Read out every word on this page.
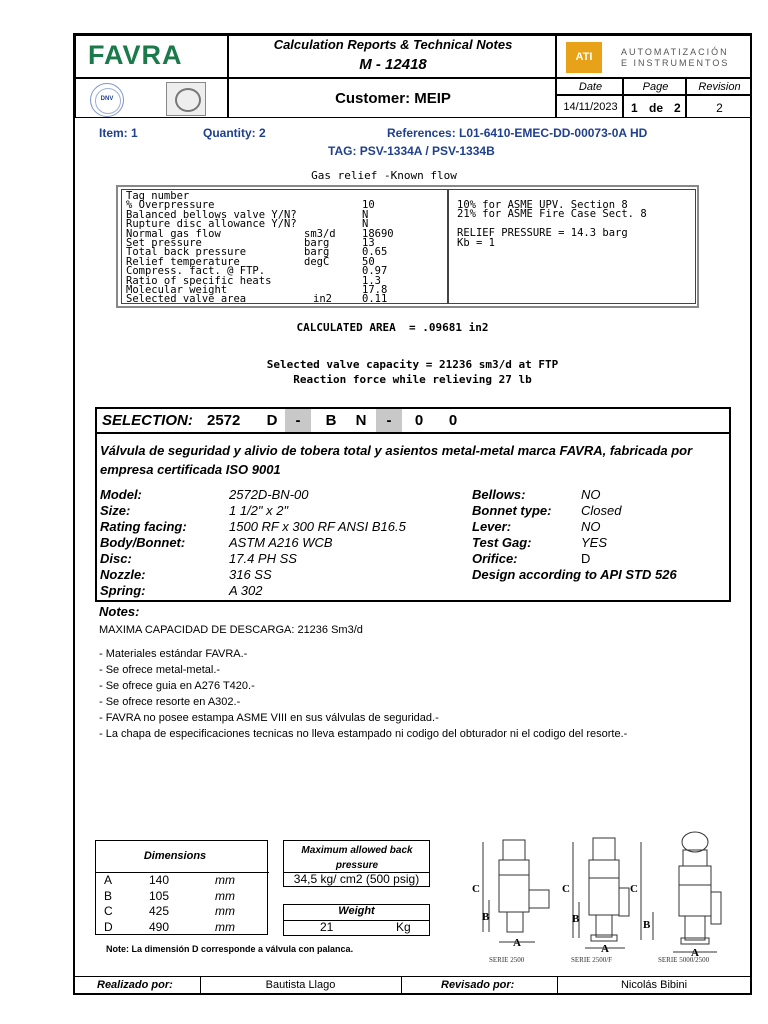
FAVRA
DNV
Calculation Reports & Technical Notes
M - 12418
Customer: MEIP
ATI	AUTOMATIZACIÓN
E INSTRUMENTOS
Date	Page	Revision
14/11/2023	1 de 2	2
Item: 1	Quantity: 2	References: L01-6410-EMEC-DD-00073-0A HD
TAG: PSV-1334A / PSV-1334B
Gas relief -Known flow
Tag number
% Overpressure	10
Balanced bellows valve Y/N?	N
Rupture disc allowance Y/N?	N
Normal gas flow	sm3/d	18690
Set pressure	barg	13
Total back pressure	barg	0.65
Relief temperature	degC	50
Compress. fact. @ FTP.	0.97
Ratio of specific heats	1.3
Molecular weight	17.8
Selected valve area	in2	0.11
10% for ASME UPV. Section 8
21% for ASME Fire Case Sect. 8
RELIEF PRESSURE = 14.3 barg
Kb = 1
CALCULATED AREA  = .09681 in2
Selected valve capacity = 21236 sm3/d at FTP
Reaction force while relieving 27 lb
SELECTION: 2572	D	-	B	N	-	0	0
Válvula de seguridad y alivio de tobera total y asientos metal-metal marca FAVRA, fabricada por empresa certificada ISO 9001
Model:	2572D-BN-00
Size:	1 1/2" x 2"
Rating facing:	1500 RF x 300 RF ANSI B16.5
Body/Bonnet:	ASTM A216 WCB
Disc:	17.4 PH SS
Nozzle:	316 SS
Spring:	A 302
Bellows:	NO
Bonnet type: Closed
Lever:	NO
Test Gag:	YES
Orifice:	D
Design according to API STD 526
Notes:
MAXIMA CAPACIDAD DE DESCARGA: 21236 Sm3/d
- Materiales estándar FAVRA.-
- Se ofrece metal-metal.-
- Se ofrece guia en A276 T420.-
- Se ofrece resorte en A302.-
- FAVRA no posee estampa ASME VIII en sus válvulas de seguridad.-
- La chapa de especificaciones tecnicas no lleva estampado ni codigo del obturador ni el codigo del resorte.-
Dimensions
A	140	mm
B	105	mm
C	425	mm
D	490	mm
Note: La dimensión D corresponde a válvula con palanca.
Maximum allowed back pressure
34,5 kg/ cm2 (500 psig)
Weight
21	Kg
C
B
A
C
B
A
C
B
A
SERIE 2500	SERIE 2500/F	SERIE 5000/2500
Realizado por:	Bautista Llago	Revisado por:	Nicolás Bibini
